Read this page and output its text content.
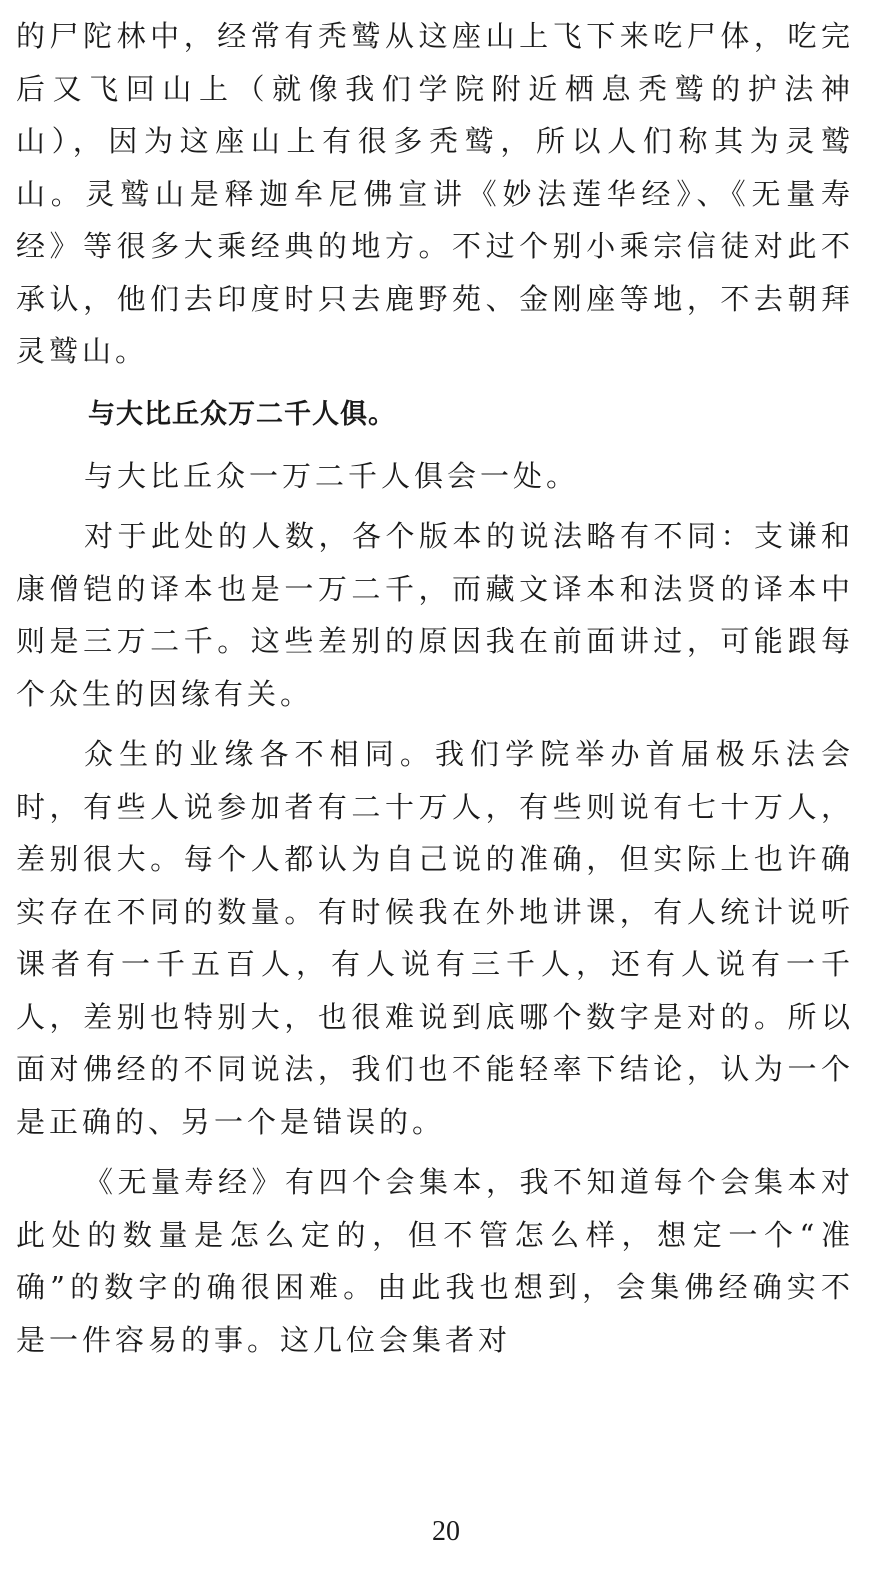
的尸陀林中，经常有秃鹫从这座山上飞下来吃尸体，吃完后又飞回山上（就像我们学院附近栖息秃鹫的护法神山），因为这座山上有很多秃鹫，所以人们称其为灵鹫山。灵鹫山是释迦牟尼佛宣讲《妙法莲华经》、《无量寿经》等很多大乘经典的地方。不过个别小乘宗信徒对此不承认，他们去印度时只去鹿野苑、金刚座等地，不去朝拜灵鹫山。

与大比丘众万二千人俱。

与大比丘众一万二千人俱会一处。

对于此处的人数，各个版本的说法略有不同：支谦和康僧铠的译本也是一万二千，而藏文译本和法贤的译本中则是三万二千。这些差别的原因我在前面讲过，可能跟每个众生的因缘有关。

众生的业缘各不相同。我们学院举办首届极乐法会时，有些人说参加者有二十万人，有些则说有七十万人，差别很大。每个人都认为自己说的准确，但实际上也许确实存在不同的数量。有时候我在外地讲课，有人统计说听课者有一千五百人，有人说有三千人，还有人说有一千人，差别也特别大，也很难说到底哪个数字是对的。所以面对佛经的不同说法，我们也不能轻率下结论，认为一个是正确的、另一个是错误的。

《无量寿经》有四个会集本，我不知道每个会集本对此处的数量是怎么定的，但不管怎么样，想定一个“准确”的数字的确很困难。由此我也想到，会集佛经确实不是一件容易的事。这几位会集者对

20
